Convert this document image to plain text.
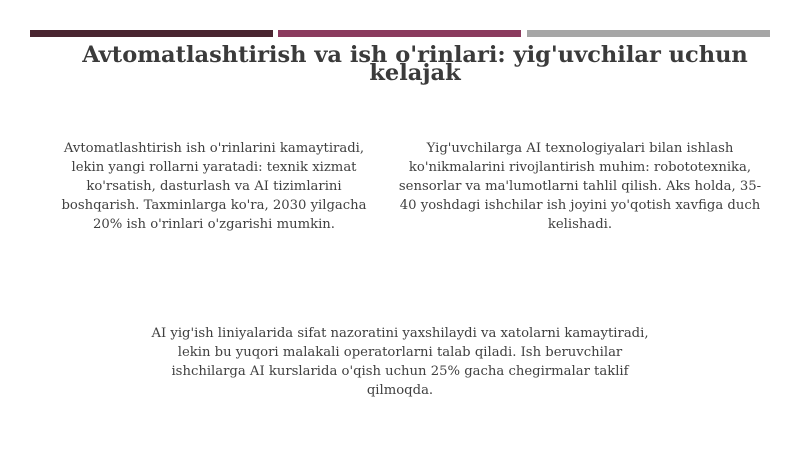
Avtomatlashtirish va ish o'rinlari: yig'uvchilar uchun kelajak

Avtomatlashtirish ish o'rinlarini kamaytiradi, lekin yangi rollarni yaratadi: texnik xizmat ko'rsatish, dasturlash va AI tizimlarini boshqarish. Taxminlarga ko'ra, 2030 yilgacha 20% ish o'rinlari o'zgarishi mumkin.

Yig'uvchilarga AI texnologiyalari bilan ishlash ko'nikmalarini rivojlantirish muhim: robototexnika, sensorlar va ma'lumotlarni tahlil qilish. Aks holda, 35-40 yoshdagi ishchilar ish joyini yo'qotish xavfiga duch kelishadi.

AI yig'ish liniyalarida sifat nazoratini yaxshilaydi va xatolarni kamaytiradi, lekin bu yuqori malakali operatorlarni talab qiladi. Ish beruvchilar ishchilarga AI kurslarida o'qish uchun 25% gacha chegirmalar taklif qilmoqda.
